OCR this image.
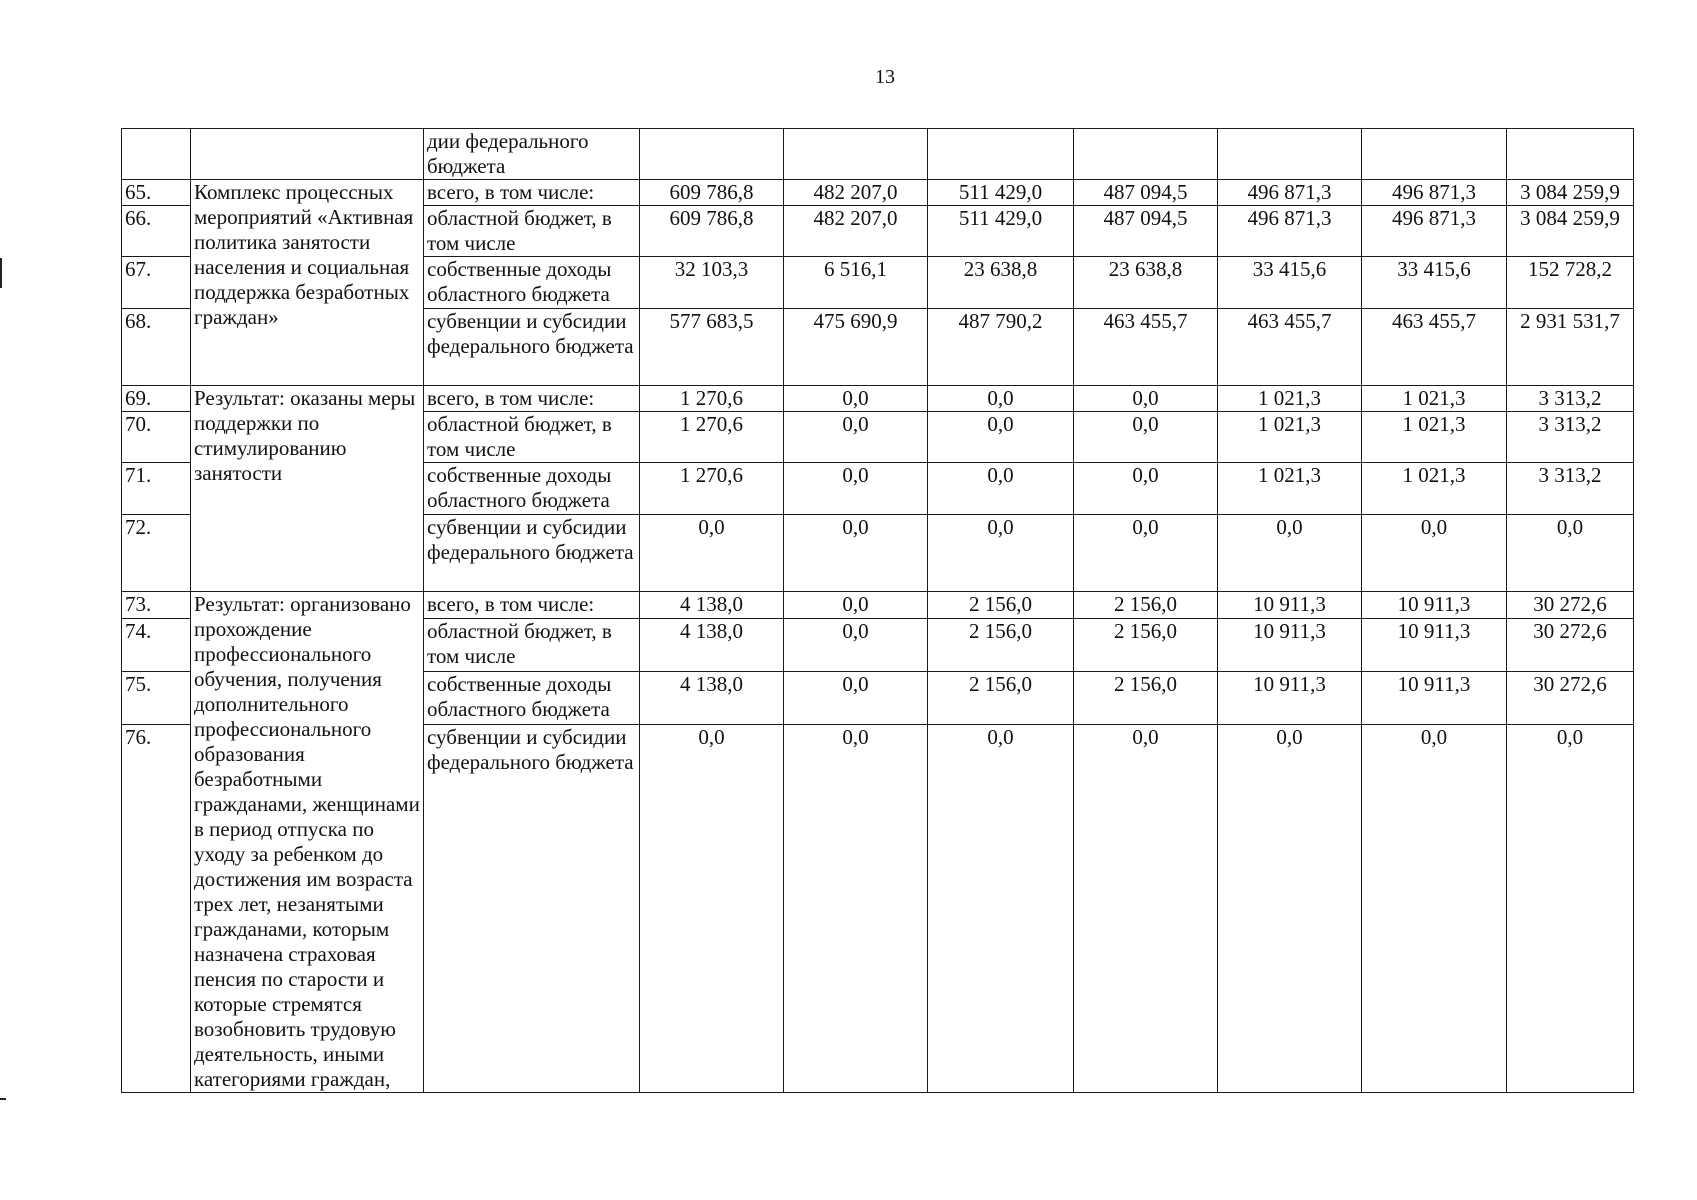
13
		дии федерального бюджета							
65.	Комплекс процессных мероприятий «Активная политика занятости населения и социальная поддержка безработных граждан»	всего, в том числе:	609 786,8	482 207,0	511 429,0	487 094,5	496 871,3	496 871,3	3 084 259,9
66.		областной бюджет, в том числе	609 786,8	482 207,0	511 429,0	487 094,5	496 871,3	496 871,3	3 084 259,9
67.		собственные доходы областного бюджета	32 103,3	6 516,1	23 638,8	23 638,8	33 415,6	33 415,6	152 728,2
68.		субвенции и субсидии федерального бюджета	577 683,5	475 690,9	487 790,2	463 455,7	463 455,7	463 455,7	2 931 531,7
69.	Результат: оказаны меры поддержки по стимулированию занятости	всего, в том числе:	1 270,6	0,0	0,0	0,0	1 021,3	1 021,3	3 313,2
70.		областной бюджет, в том числе	1 270,6	0,0	0,0	0,0	1 021,3	1 021,3	3 313,2
71.		собственные доходы областного бюджета	1 270,6	0,0	0,0	0,0	1 021,3	1 021,3	3 313,2
72.		субвенции и субсидии федерального бюджета	0,0	0,0	0,0	0,0	0,0	0,0	0,0
73.	Результат: организовано прохождение профессионального обучения, получения дополнительного профессионального образования безработными гражданами, женщинами в период отпуска по уходу за ребенком до достижения им возраста трех лет, незанятыми гражданами, которым назначена страховая пенсия по старости и которые стремятся возобновить трудовую деятельность, иными категориями граждан,	всего, в том числе:	4 138,0	0,0	2 156,0	2 156,0	10 911,3	10 911,3	30 272,6
74.		областной бюджет, в том числе	4 138,0	0,0	2 156,0	2 156,0	10 911,3	10 911,3	30 272,6
75.		собственные доходы областного бюджета	4 138,0	0,0	2 156,0	2 156,0	10 911,3	10 911,3	30 272,6
76.		субвенции и субсидии федерального бюджета	0,0	0,0	0,0	0,0	0,0	0,0	0,0
